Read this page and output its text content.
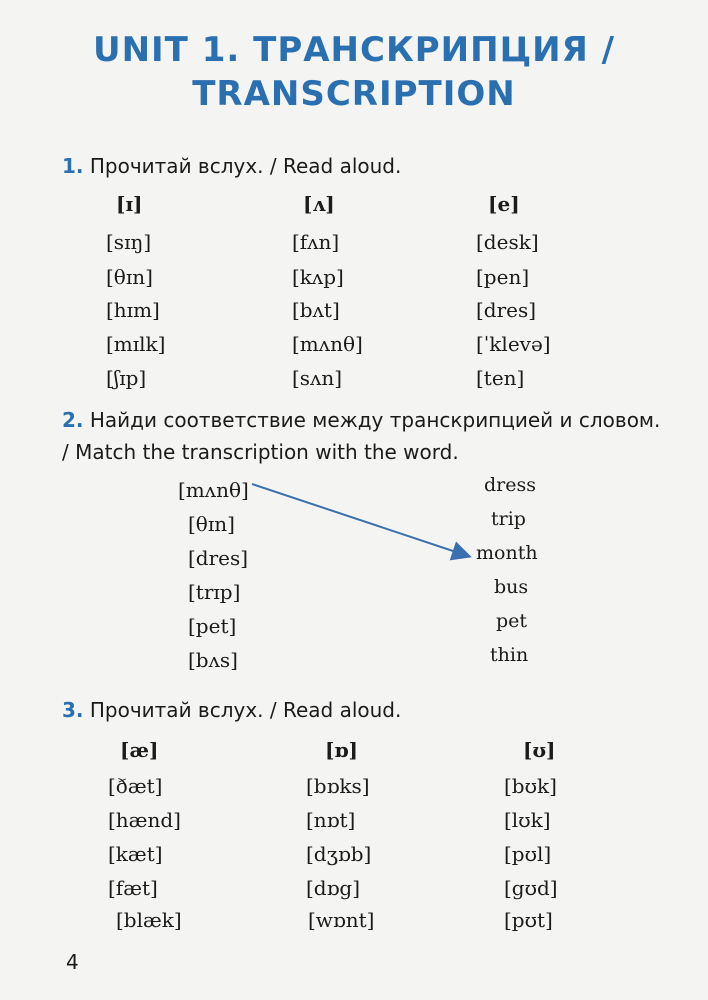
UNIT 1. ТРАНСКРИПЦИЯ /
TRANSCRIPTION
1. Прочитай вслух. / Read aloud.
[ɪ]
[sɪŋ]
[θɪn]
[hɪm]
[mɪlk]
[ʃɪp]
[ʌ]
[fʌn]
[kʌp]
[bʌt]
[mʌnθ]
[sʌn]
[e]
[desk]
[pen]
[dres]
[ˈklevə]
[ten]
2. Найди соответствие между транскрипцией и словом. / Match the transcription with the word.
[mʌnθ]
[θɪn]
[dres]
[trɪp]
[pet]
[bʌs]
dress
trip
month
bus
pet
thin
3. Прочитай вслух. / Read aloud.
[æ]
[ðæt]
[hænd]
[kæt]
[fæt]
[blæk]
[ɒ]
[bɒks]
[nɒt]
[dʒɒb]
[dɒg]
[wɒnt]
[ʊ]
[bʊk]
[lʊk]
[pʊl]
[gʊd]
[pʊt]
4
